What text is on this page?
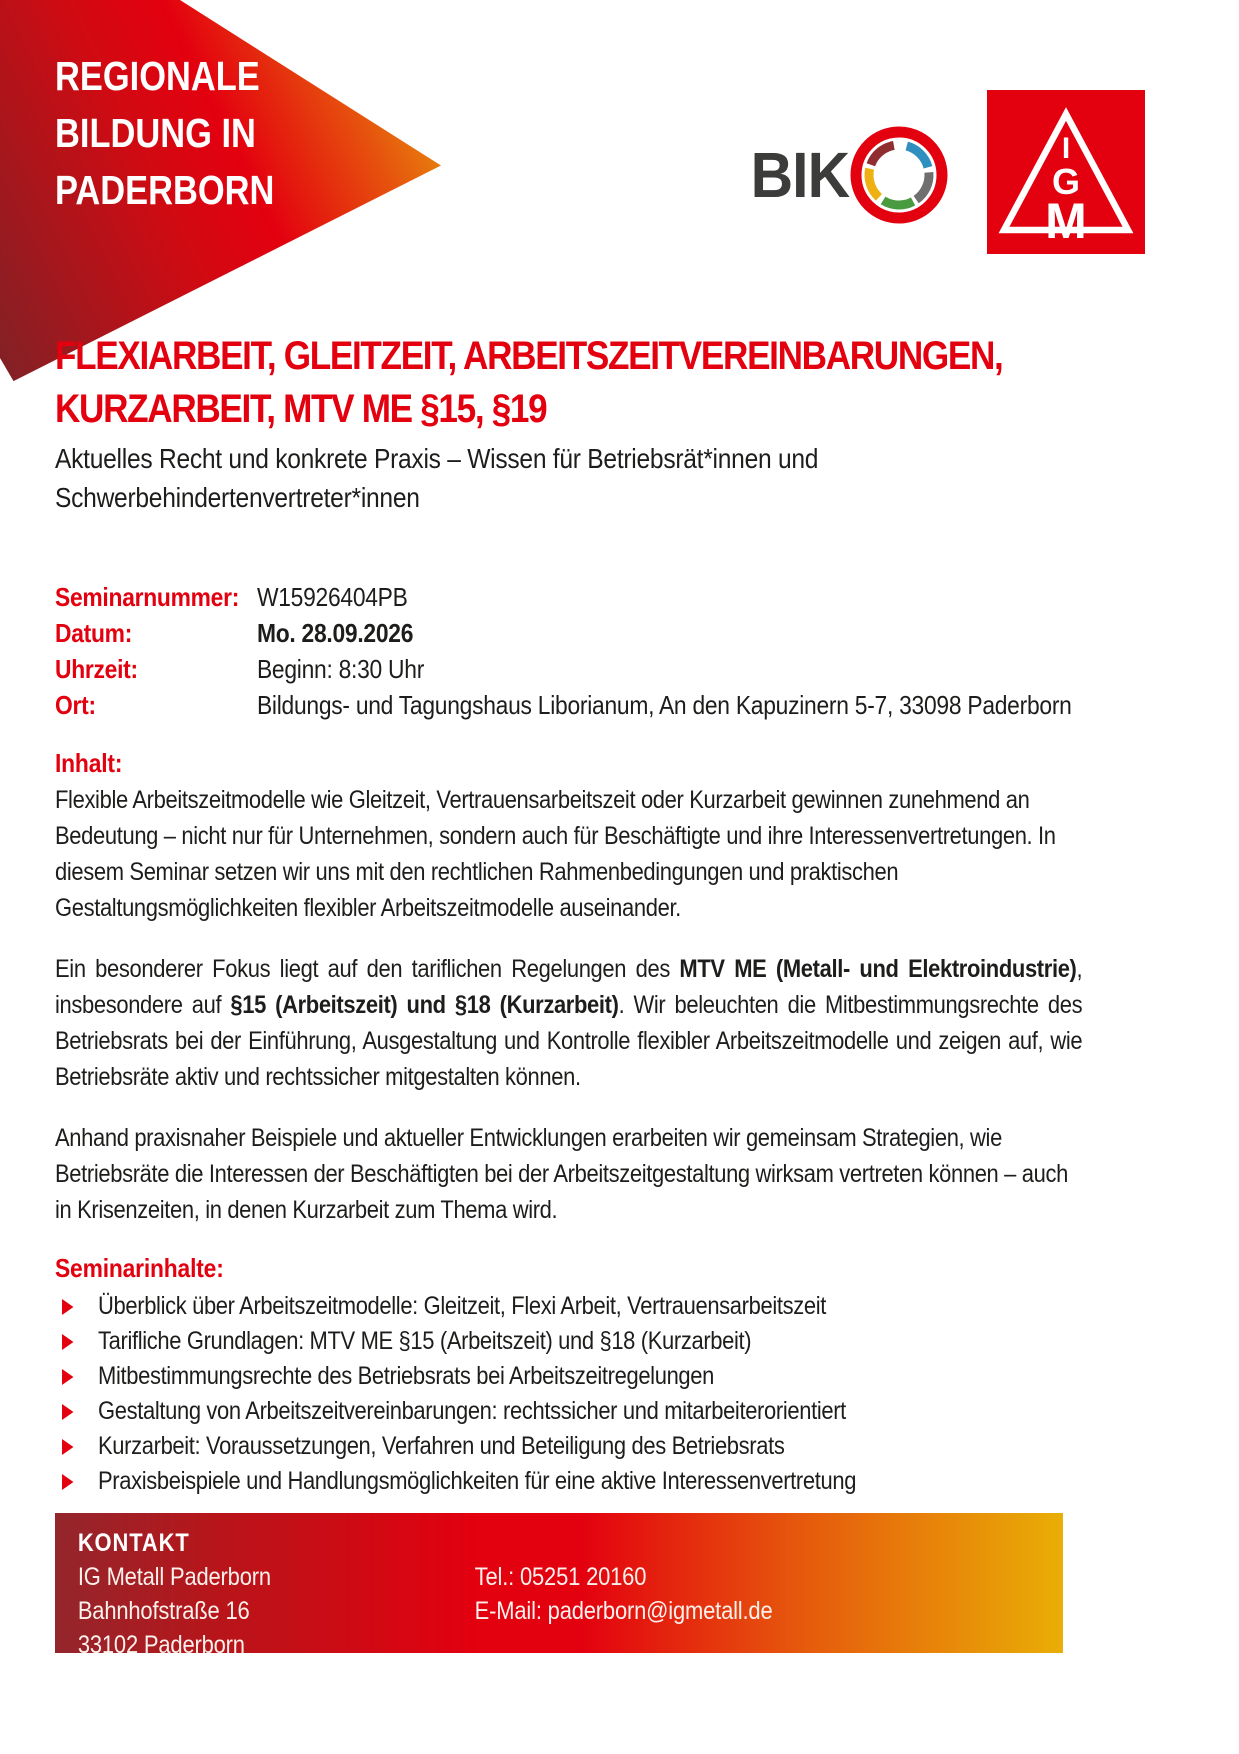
REGIONALE
BILDUNG IN
PADERBORN	BIK	I
G
M
FLEXIARBEIT, GLEITZEIT, ARBEITSZEITVEREINBARUNGEN,
KURZARBEIT, MTV ME §15, §19
Aktuelles Recht und konkrete Praxis – Wissen für Betriebsrät*innen und
Schwerbehindertenvertreter*innen
Seminarnummer: W15926404PB
Datum:	Mo. 28.09.2026
Uhrzeit:	Beginn: 8:30 Uhr
Ort:	Bildungs- und Tagungshaus Liborianum, An den Kapuzinern 5-7, 33098 Paderborn
Inhalt:
Flexible Arbeitszeitmodelle wie Gleitzeit, Vertrauensarbeitszeit oder Kurzarbeit gewinnen zunehmend an Bedeutung – nicht nur für Unternehmen, sondern auch für Beschäftigte und ihre Interessenvertretungen. In diesem Seminar setzen wir uns mit den rechtlichen Rahmenbedingungen und praktischen Gestaltungsmöglichkeiten flexibler Arbeitszeitmodelle auseinander.
Ein besonderer Fokus liegt auf den tariflichen Regelungen des MTV ME (Metall- und Elektroindustrie), insbesondere auf §15 (Arbeitszeit) und §18 (Kurzarbeit). Wir beleuchten die Mitbestimmungsrechte des Betriebsrats bei der Einführung, Ausgestaltung und Kontrolle flexibler Arbeitszeitmodelle und zeigen auf, wie Betriebsräte aktiv und rechtssicher mitgestalten können.
Anhand praxisnaher Beispiele und aktueller Entwicklungen erarbeiten wir gemeinsam Strategien, wie Betriebsräte die Interessen der Beschäftigten bei der Arbeitszeitgestaltung wirksam vertreten können – auch in Krisenzeiten, in denen Kurzarbeit zum Thema wird.
Seminarinhalte:
Überblick über Arbeitszeitmodelle: Gleitzeit, Flexi Arbeit, Vertrauensarbeitszeit
Tarifliche Grundlagen: MTV ME §15 (Arbeitszeit) und §18 (Kurzarbeit)
Mitbestimmungsrechte des Betriebsrats bei Arbeitszeitregelungen
Gestaltung von Arbeitszeitvereinbarungen: rechtssicher und mitarbeiterorientiert
Kurzarbeit: Voraussetzungen, Verfahren und Beteiligung des Betriebsrats
Praxisbeispiele und Handlungsmöglichkeiten für eine aktive Interessenvertretung
KONTAKT
IG Metall Paderborn
Bahnhofstraße 16
33102 Paderborn
Tel.: 05251 20160
E-Mail: paderborn@igmetall.de
